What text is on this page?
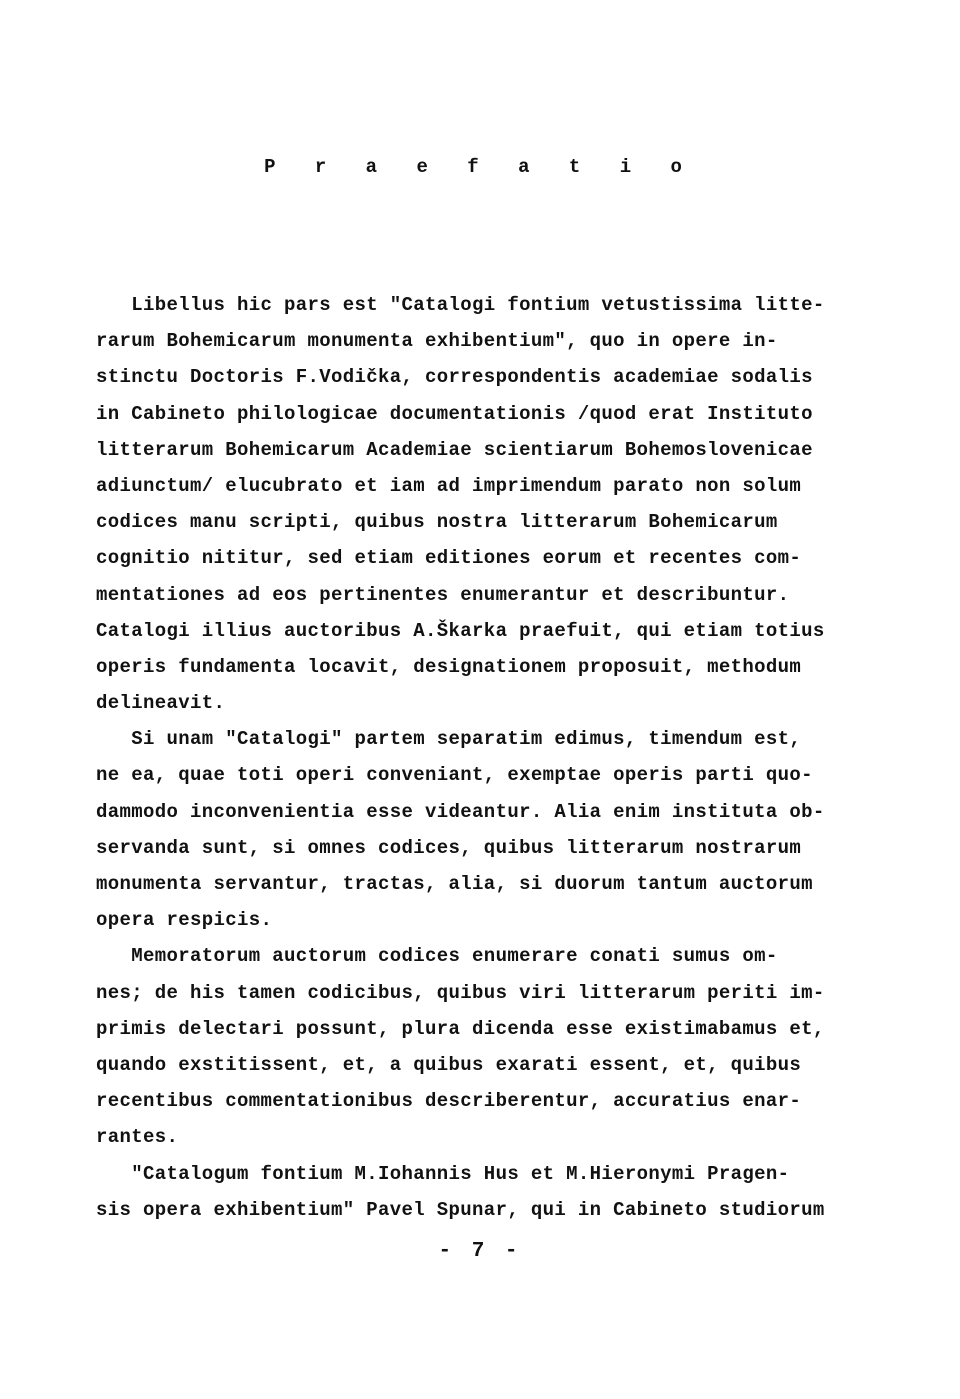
P r a e f a t i o
Libellus hic pars est "Catalogi fontium vetustissima litte-
rarum Bohemicarum monumenta exhibentium", quo in opere in-
stinctu Doctoris F.Vodička, correspondentis academiae sodalis
in Cabineto philologicae documentationis /quod erat Instituto
litterarum Bohemicarum Academiae scientiarum Bohemoslovenicae
adiunctum/ elucubrato et iam ad imprimendum parato non solum
codices manu scripti, quibus nostra litterarum Bohemicarum
cognitio nititur, sed etiam editiones eorum et recentes com-
mentationes ad eos pertinentes enumerantur et describuntur.
Catalogi illius auctoribus A.Škarka praefuit, qui etiam totius
operis fundamenta locavit, designationem proposuit, methodum
delineavit.
Si unam "Catalogi" partem separatim edimus, timendum est,
ne ea, quae toti operi conveniant, exemptae operis parti quo-
dammodo inconvenientia esse videantur. Alia enim instituta ob-
servanda sunt, si omnes codices, quibus litterarum nostrarum
monumenta servantur, tractas, alia, si duorum tantum auctorum
opera respicis.
Memoratorum auctorum codices enumerare conati sumus om-
nes; de his tamen codicibus, quibus viri litterarum periti im-
primis delectari possunt, plura dicenda esse existimabamus et,
quando exstitissent, et, a quibus exarati essent, et, quibus
recentibus commentationibus describerentur, accuratius enar-
rantes.
"Catalogum fontium M.Iohannis Hus et M.Hieronymi Pragen-
sis opera exhibentium" Pavel Spunar, qui in Cabineto studiorum
- 7 -
